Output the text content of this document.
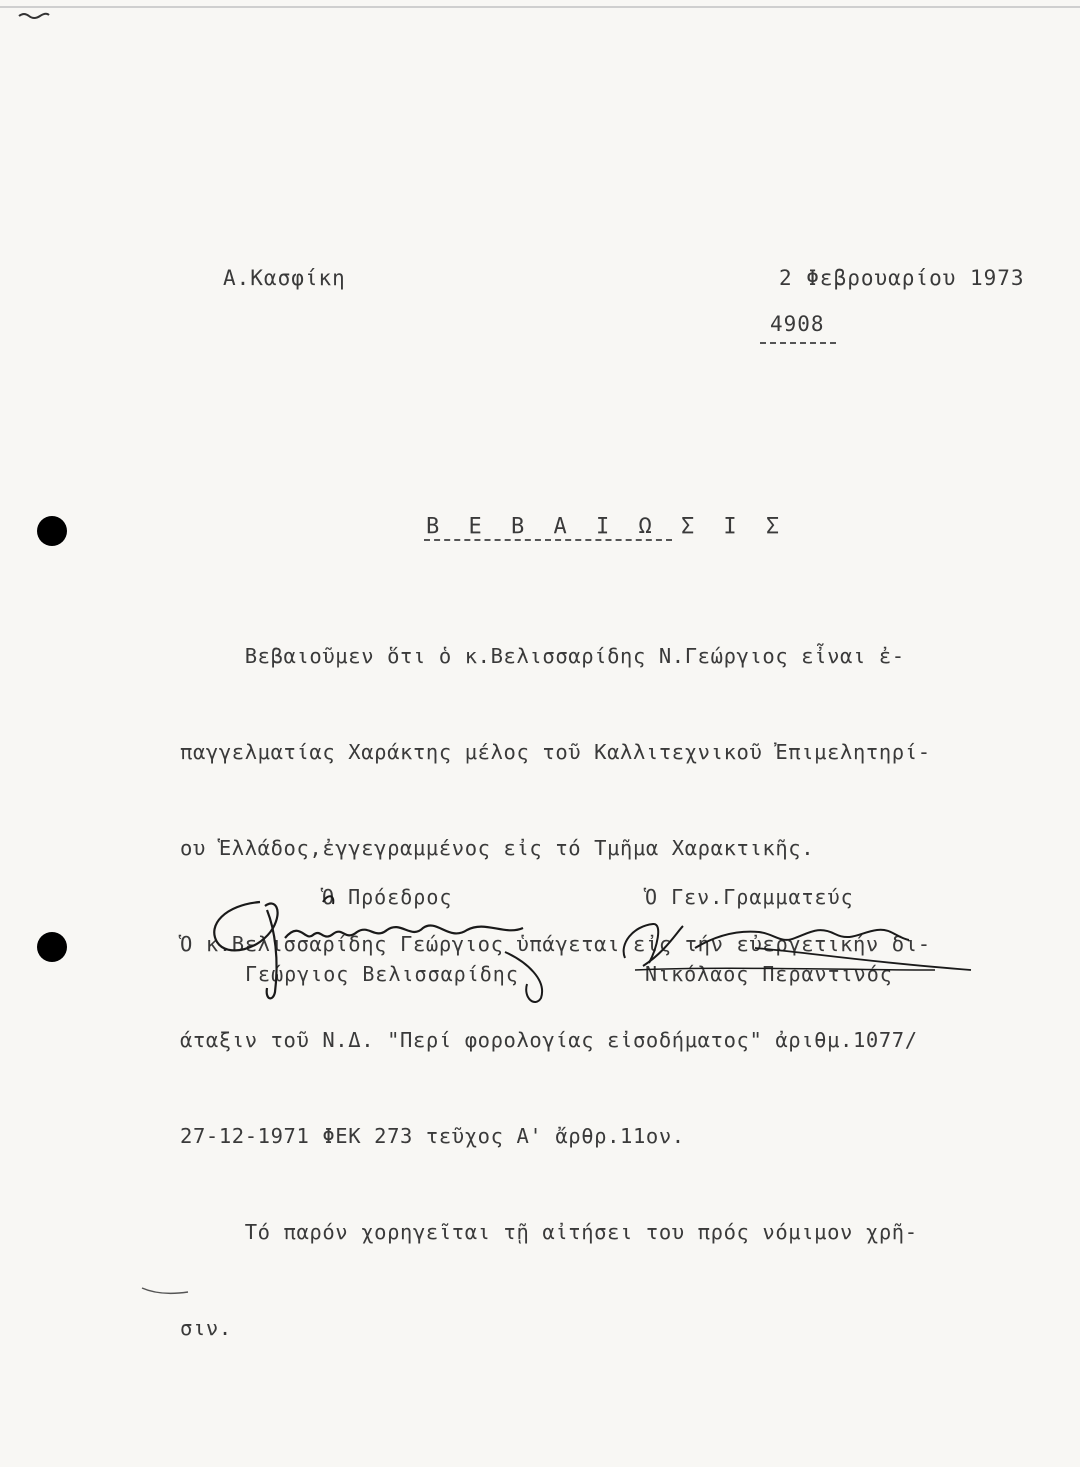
Α.Κασφίκη	2 Φεβρουαρίου 1973
4908
Β Ε Β Α Ι Ω Σ Ι Σ

Βεβαιοῦμεν ὅτι ὁ κ.Βελισσαρίδης Ν.Γεώργιος εἶναι ἐ-

παγγελματίας Χαράκτης μέλος τοῦ Καλλιτεχνικοῦ Ἐπιμελητηρί-

ου Ἑλλάδος,ἐγγεγραμμένος εἰς τό Τμῆμα Χαρακτικῆς.

Ὁ κ.Βελισσαρίδης Γεώργιος ὑπάγεται εἰς τήν εὐεργετικήν δι-

άταξιν τοῦ Ν.Δ. "Περί φορολογίας εἰσοδήματος" ἀριθμ.1077/

27-12-1971 ΦΕΚ 273 τεῦχος Α' ἄρθρ.11ον.

Τό παρόν χορηγεῖται τῇ αἰτήσει του πρός νόμιμον χρῆ-

σιν.

Ὁ Πρόεδρος	Ὁ Γεν.Γραμματεύς
Γεώργιος Βελισσαρίδης	Νικόλαος Περαντινός
